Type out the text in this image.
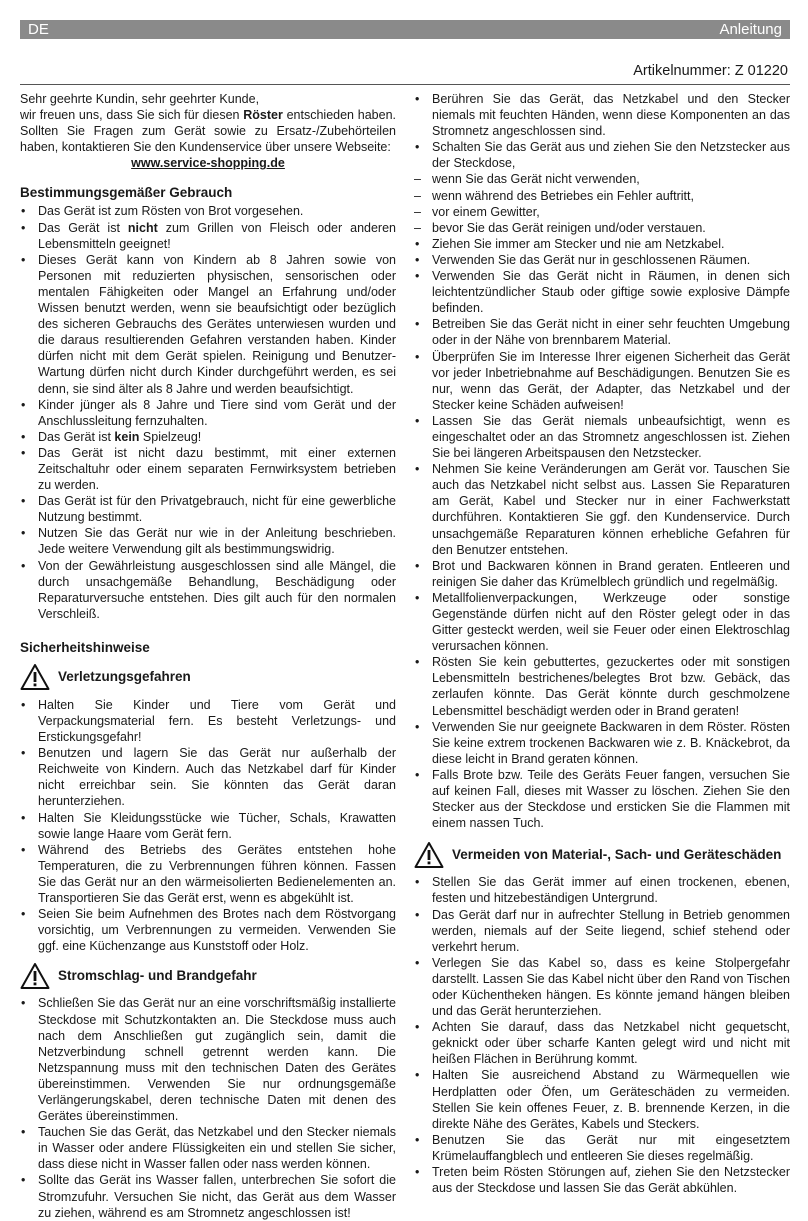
DE	Anleitung
Artikelnummer: Z 01220

Sehr geehrte Kundin, sehr geehrter Kunde,

wir freuen uns, dass Sie sich für diesen Röster entschieden haben. Sollten Sie Fragen zum Gerät sowie zu Ersatz-/Zubehörteilen haben, kontaktieren Sie den Kundenservice über unsere Webseite:

www.service-shopping.de

Bestimmungsgemäßer Gebrauch
• Das Gerät ist zum Rösten von Brot vorgesehen.
• Das Gerät ist nicht zum Grillen von Fleisch oder anderen Lebensmitteln geeignet!
• Dieses Gerät kann von Kindern ab 8 Jahren sowie von Personen mit reduzierten physischen, sensorischen oder mentalen Fähigkeiten oder Mangel an Erfahrung und/oder Wissen benutzt werden, wenn sie beaufsichtigt oder bezüglich des sicheren Gebrauchs des Gerätes unterwiesen wurden und die daraus resultierenden Gefahren verstanden haben. Kinder dürfen nicht mit dem Gerät spielen. Reinigung und Benutzer-Wartung dürfen nicht durch Kinder durchgeführt werden, es sei denn, sie sind älter als 8 Jahre und werden beaufsichtigt.
• Kinder jünger als 8 Jahre und Tiere sind vom Gerät und der Anschlussleitung fernzuhalten.
• Das Gerät ist kein Spielzeug!
• Das Gerät ist nicht dazu bestimmt, mit einer externen Zeitschaltuhr oder einem separaten Fernwirksystem betrieben zu werden.
• Das Gerät ist für den Privatgebrauch, nicht für eine gewerbliche Nutzung bestimmt.
• Nutzen Sie das Gerät nur wie in der Anleitung beschrieben. Jede weitere Verwendung gilt als bestimmungswidrig.
• Von der Gewährleistung ausgeschlossen sind alle Mängel, die durch unsachgemäße Behandlung, Beschädigung oder Reparaturversuche entstehen. Dies gilt auch für den normalen Verschleiß.
Sicherheitshinweise
Verletzungsgefahren
• Halten Sie Kinder und Tiere vom Gerät und Verpackungsmaterial fern. Es besteht Verletzungs- und Erstickungsgefahr!
• Benutzen und lagern Sie das Gerät nur außerhalb der Reichweite von Kindern. Auch das Netzkabel darf für Kinder nicht erreichbar sein. Sie könnten das Gerät daran herunterziehen.
• Halten Sie Kleidungsstücke wie Tücher, Schals, Krawatten sowie lange Haare vom Gerät fern.
• Während des Betriebs des Gerätes entstehen hohe Temperaturen, die zu Verbrennungen führen können. Fassen Sie das Gerät nur an den wärmeisolierten Bedienelementen an. Transportieren Sie das Gerät erst, wenn es abgekühlt ist.
• Seien Sie beim Aufnehmen des Brotes nach dem Röstvorgang vorsichtig, um Verbrennungen zu vermeiden. Verwenden Sie ggf. eine Küchenzange aus Kunststoff oder Holz.
Stromschlag- und Brandgefahr
• Schließen Sie das Gerät nur an eine vorschriftsmäßig installierte Steckdose mit Schutzkontakten an. Die Steckdose muss auch nach dem Anschließen gut zugänglich sein, damit die Netzverbindung schnell getrennt werden kann. Die Netzspannung muss mit den technischen Daten des Gerätes übereinstimmen. Verwenden Sie nur ordnungsgemäße Verlängerungskabel, deren technische Daten mit denen des Gerätes übereinstimmen.
• Tauchen Sie das Gerät, das Netzkabel und den Stecker niemals in Wasser oder andere Flüssigkeiten ein und stellen Sie sicher, dass diese nicht in Wasser fallen oder nass werden können.
• Sollte das Gerät ins Wasser fallen, unterbrechen Sie sofort die Stromzufuhr. Versuchen Sie nicht, das Gerät aus dem Wasser zu ziehen, während es am Stromnetz angeschlossen ist!
• Berühren Sie das Gerät, das Netzkabel und den Stecker niemals mit feuchten Händen, wenn diese Komponenten an das Stromnetz angeschlossen sind.
• Schalten Sie das Gerät aus und ziehen Sie den Netzstecker aus der Steckdose,
– wenn Sie das Gerät nicht verwenden,
– wenn während des Betriebes ein Fehler auftritt,
– vor einem Gewitter,
– bevor Sie das Gerät reinigen und/oder verstauen.
• Ziehen Sie immer am Stecker und nie am Netzkabel.
• Verwenden Sie das Gerät nur in geschlossenen Räumen.
• Verwenden Sie das Gerät nicht in Räumen, in denen sich leichtentzündlicher Staub oder giftige sowie explosive Dämpfe befinden.
• Betreiben Sie das Gerät nicht in einer sehr feuchten Umgebung oder in der Nähe von brennbarem Material.
• Überprüfen Sie im Interesse Ihrer eigenen Sicherheit das Gerät vor jeder Inbetriebnahme auf Beschädigungen. Benutzen Sie es nur, wenn das Gerät, der Adapter, das Netzkabel und der Stecker keine Schäden aufweisen!
• Lassen Sie das Gerät niemals unbeaufsichtigt, wenn es eingeschaltet oder an das Stromnetz angeschlossen ist. Ziehen Sie bei längeren Arbeitspausen den Netzstecker.
• Nehmen Sie keine Veränderungen am Gerät vor. Tauschen Sie auch das Netzkabel nicht selbst aus. Lassen Sie Reparaturen am Gerät, Kabel und Stecker nur in einer Fachwerkstatt durchführen. Kontaktieren Sie ggf. den Kundenservice. Durch unsachgemäße Reparaturen können erhebliche Gefahren für den Benutzer entstehen.
• Brot und Backwaren können in Brand geraten. Entleeren und reinigen Sie daher das Krümelblech gründlich und regelmäßig.
• Metallfolienverpackungen, Werkzeuge oder sonstige Gegenstände dürfen nicht auf den Röster gelegt oder in das Gitter gesteckt werden, weil sie Feuer oder einen Elektroschlag verursachen können.
• Rösten Sie kein gebuttertes, gezuckertes oder mit sonstigen Lebensmitteln bestrichenes/belegtes Brot bzw. Gebäck, das zerlaufen könnte. Das Gerät könnte durch geschmolzene Lebensmittel beschädigt werden oder in Brand geraten!
• Verwenden Sie nur geeignete Backwaren in dem Röster. Rösten Sie keine extrem trockenen Backwaren wie z. B. Knäckebrot, da diese leicht in Brand geraten können.
• Falls Brote bzw. Teile des Geräts Feuer fangen, versuchen Sie auf keinen Fall, dieses mit Wasser zu löschen. Ziehen Sie den Stecker aus der Steckdose und ersticken Sie die Flammen mit einem nassen Tuch.
Vermeiden von Material-, Sach- und Geräteschäden
• Stellen Sie das Gerät immer auf einen trockenen, ebenen, festen und hitzebeständigen Untergrund.
• Das Gerät darf nur in aufrechter Stellung in Betrieb genommen werden, niemals auf der Seite liegend, schief stehend oder verkehrt herum.
• Verlegen Sie das Kabel so, dass es keine Stolpergefahr darstellt. Lassen Sie das Kabel nicht über den Rand von Tischen oder Küchentheken hängen. Es könnte jemand hängen bleiben und das Gerät herunterziehen.
• Achten Sie darauf, dass das Netzkabel nicht gequetscht, geknickt oder über scharfe Kanten gelegt wird und nicht mit heißen Flächen in Berührung kommt.
• Halten Sie ausreichend Abstand zu Wärmequellen wie Herdplatten oder Öfen, um Geräteschäden zu vermeiden. Stellen Sie kein offenes Feuer, z. B. brennende Kerzen, in die direkte Nähe des Gerätes, Kabels und Steckers.
• Benutzen Sie das Gerät nur mit eingesetztem Krümelauffangblech und entleeren Sie dieses regelmäßig.
• Treten beim Rösten Störungen auf, ziehen Sie den Netzstecker aus der Steckdose und lassen Sie das Gerät abkühlen.
